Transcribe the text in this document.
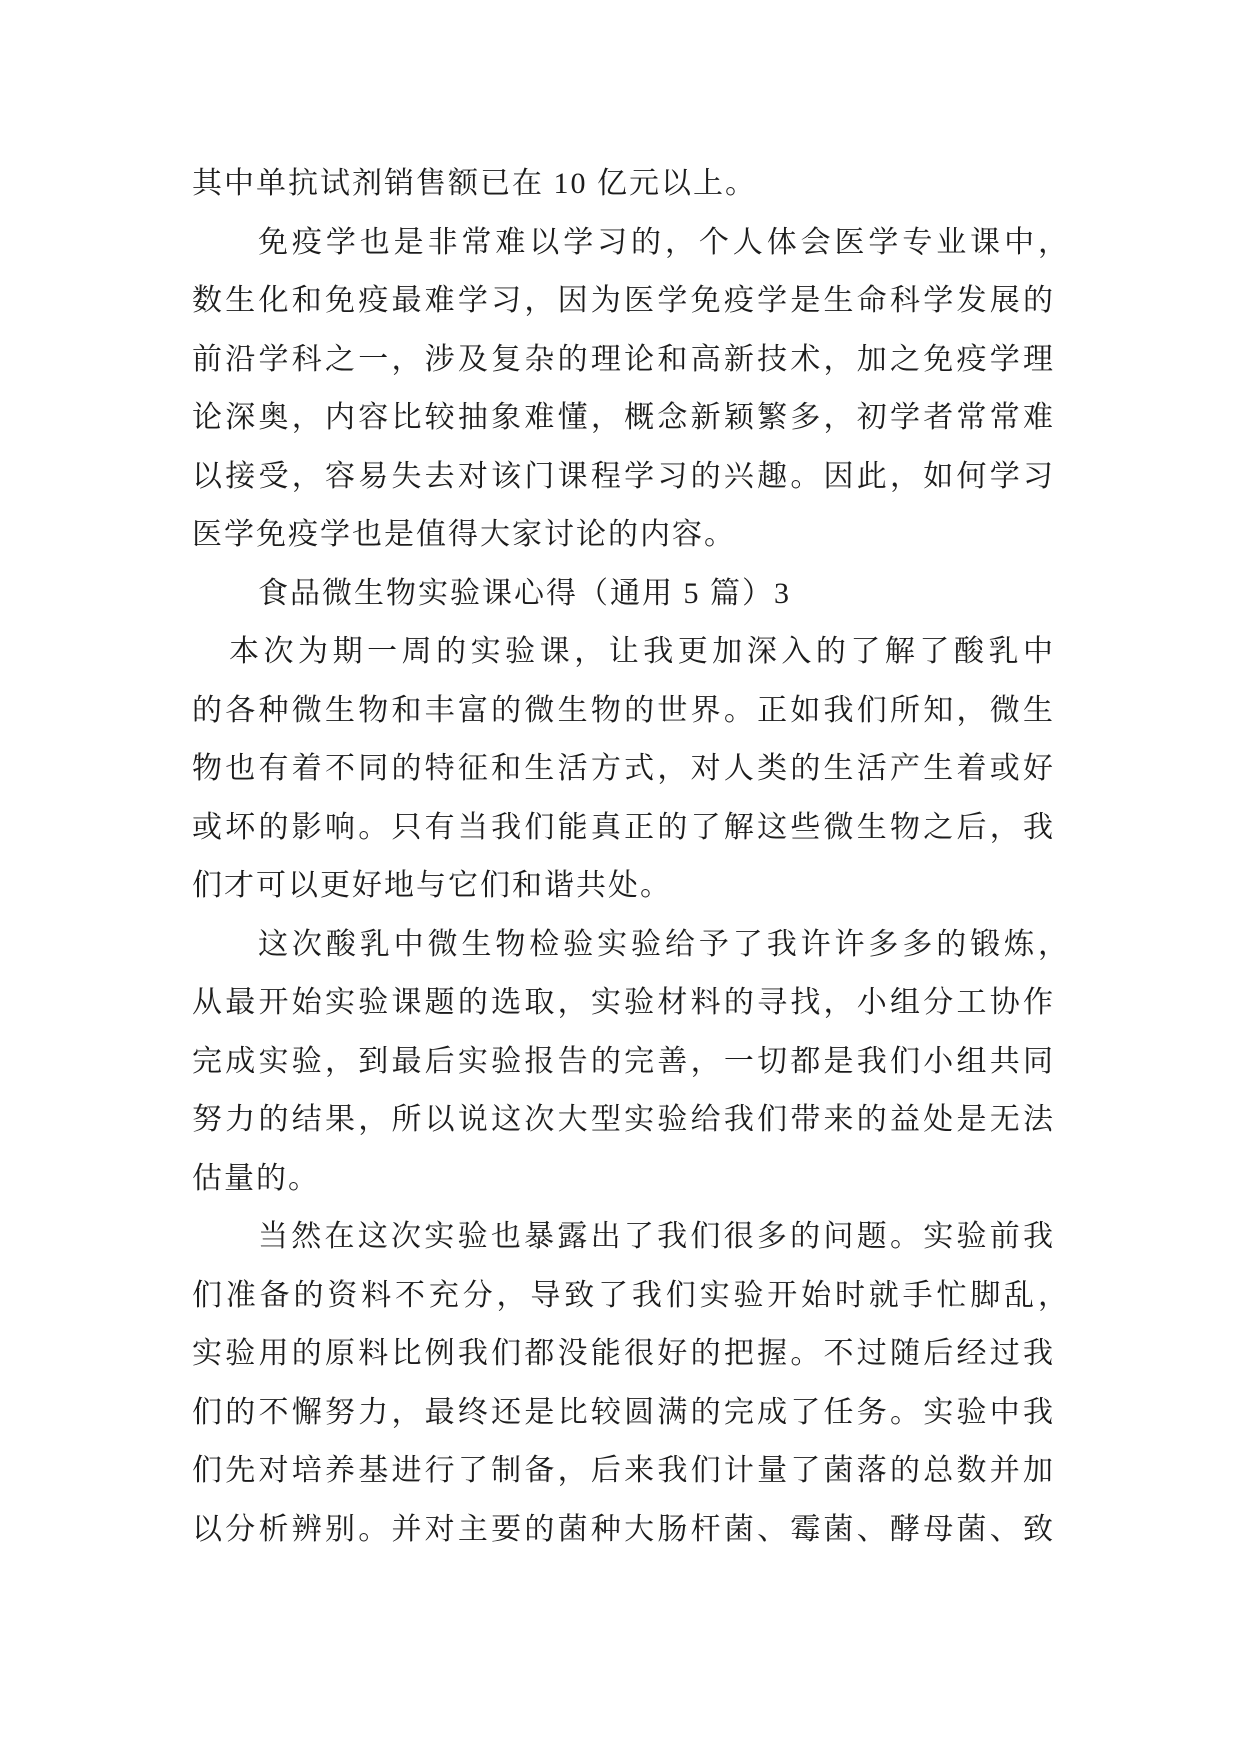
其中单抗试剂销售额已在 10 亿元以上。
免疫学也是非常难以学习的，个人体会医学专业课中，
数生化和免疫最难学习，因为医学免疫学是生命科学发展的
前沿学科之一，涉及复杂的理论和高新技术，加之免疫学理
论深奥，内容比较抽象难懂，概念新颖繁多，初学者常常难
以接受，容易失去对该门课程学习的兴趣。因此，如何学习
医学免疫学也是值得大家讨论的内容。
食品微生物实验课心得（通用 5 篇）3
本次为期一周的实验课，让我更加深入的了解了酸乳中
的各种微生物和丰富的微生物的世界。正如我们所知，微生
物也有着不同的特征和生活方式，对人类的生活产生着或好
或坏的影响。只有当我们能真正的了解这些微生物之后，我
们才可以更好地与它们和谐共处。
这次酸乳中微生物检验实验给予了我许许多多的锻炼，
从最开始实验课题的选取，实验材料的寻找，小组分工协作
完成实验，到最后实验报告的完善，一切都是我们小组共同
努力的结果，所以说这次大型实验给我们带来的益处是无法
估量的。
当然在这次实验也暴露出了我们很多的问题。实验前我
们准备的资料不充分，导致了我们实验开始时就手忙脚乱，
实验用的原料比例我们都没能很好的把握。不过随后经过我
们的不懈努力，最终还是比较圆满的完成了任务。实验中我
们先对培养基进行了制备，后来我们计量了菌落的总数并加
以分析辨别。并对主要的菌种大肠杆菌、霉菌、酵母菌、致
